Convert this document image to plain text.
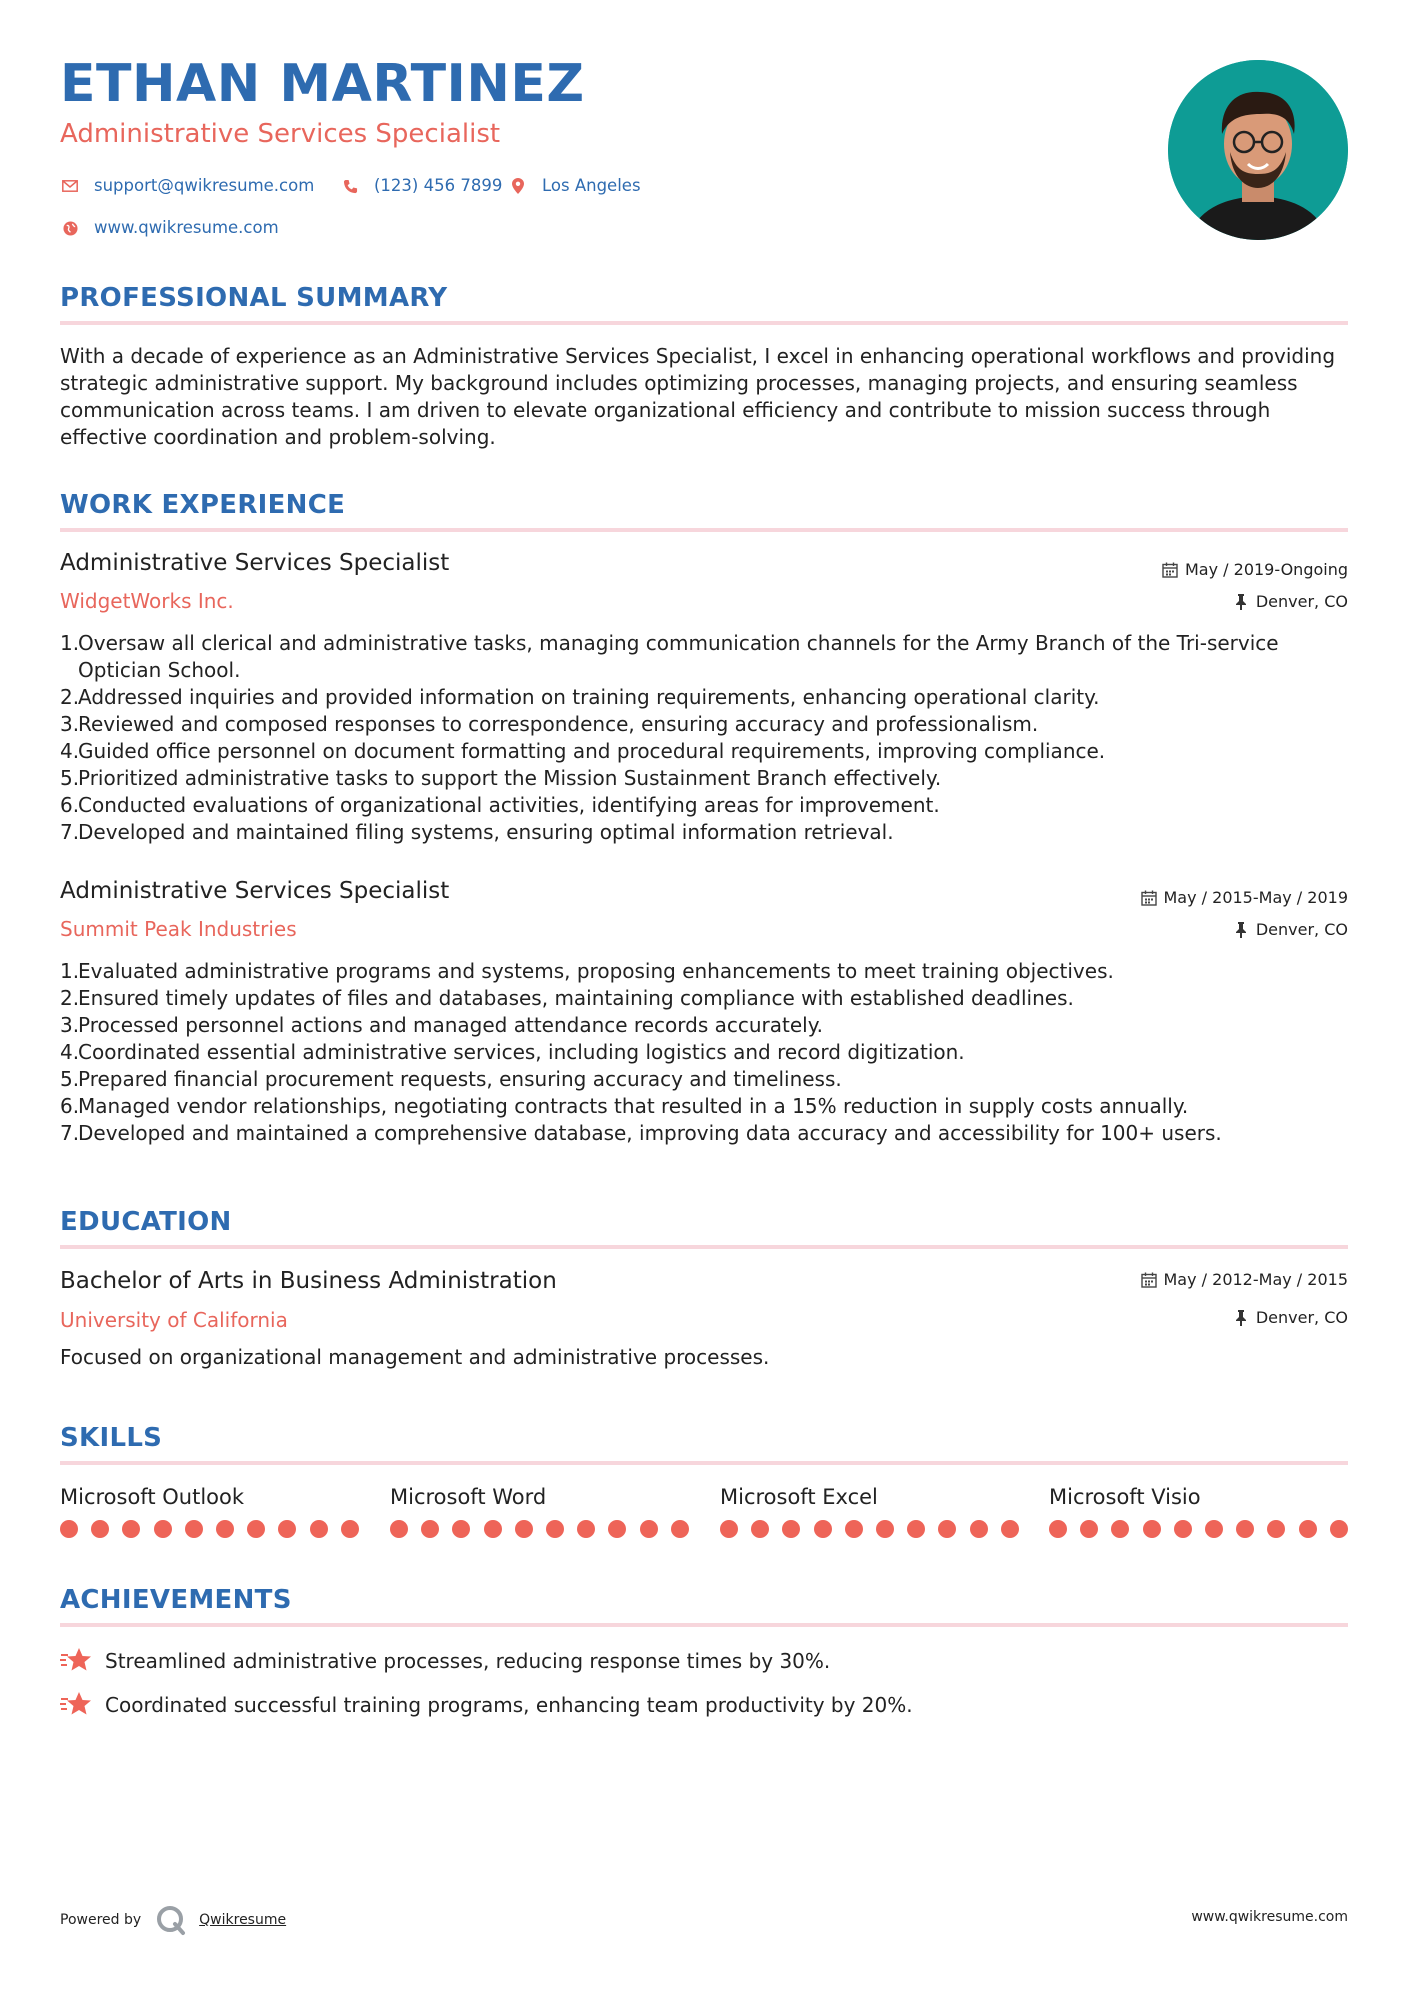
ETHAN MARTINEZ
Administrative Services Specialist
support@qwikresume.com	(123) 456 7899 Los Angeles
www.qwikresume.com
PROFESSIONAL SUMMARY
With a decade of experience as an Administrative Services Specialist, I excel in enhancing operational workflows and providing strategic administrative support. My background includes optimizing processes, managing projects, and ensuring seamless communication across teams. I am driven to elevate organizational efficiency and contribute to mission success through effective coordination and problem-solving.
WORK EXPERIENCE
Administrative Services Specialist
WidgetWorks Inc.
May / 2019-Ongoing
Denver, CO
1.
Oversaw all clerical and administrative tasks, managing communication channels for the Army Branch of the Tri-service Optician School.
2.
Addressed inquiries and provided information on training requirements, enhancing operational clarity.
3.
Reviewed and composed responses to correspondence, ensuring accuracy and professionalism.
4.
Guided office personnel on document formatting and procedural requirements, improving compliance.
5.
Prioritized administrative tasks to support the Mission Sustainment Branch effectively.
6.
Conducted evaluations of organizational activities, identifying areas for improvement.
7.
Developed and maintained filing systems, ensuring optimal information retrieval.
Administrative Services Specialist
Summit Peak Industries
May / 2015-May / 2019
Denver, CO
1.
Evaluated administrative programs and systems, proposing enhancements to meet training objectives.
2.
Ensured timely updates of files and databases, maintaining compliance with established deadlines.
3.
Processed personnel actions and managed attendance records accurately.
4.
Coordinated essential administrative services, including logistics and record digitization.
5.
Prepared financial procurement requests, ensuring accuracy and timeliness.
6.
Managed vendor relationships, negotiating contracts that resulted in a 15% reduction in supply costs annually.
7.
Developed and maintained a comprehensive database, improving data accuracy and accessibility for 100+ users.
EDUCATION
Bachelor of Arts in Business Administration
University of California
May / 2012-May / 2015
Denver, CO
Focused on organizational management and administrative processes.
SKILLS
Microsoft Outlook	Microsoft Word	Microsoft Excel	Microsoft Visio
ACHIEVEMENTS
Streamlined administrative processes, reducing response times by 30%.
Coordinated successful training programs, enhancing team productivity by 20%.
Powered by	Qwikresume	www.qwikresume.com
